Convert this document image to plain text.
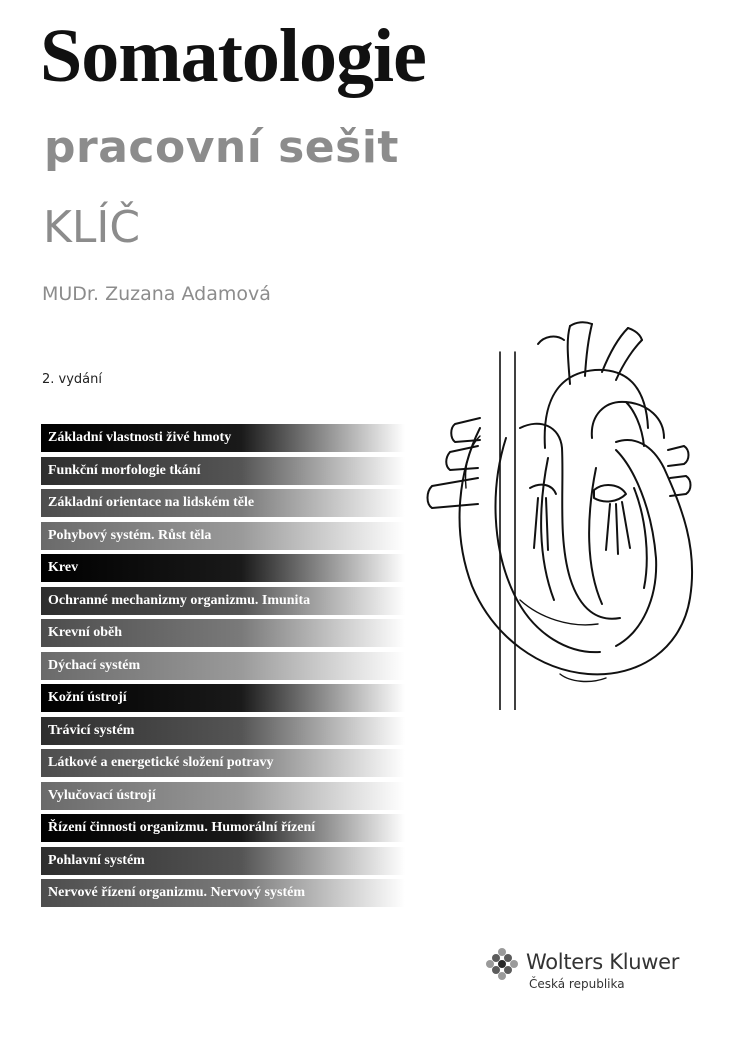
Somatologie
pracovní sešit
KLÍČ
MUDr. Zuzana Adamová
2. vydání
Základní vlastnosti živé hmoty
Funkční morfologie tkání
Základní orientace na lidském těle
Pohybový systém. Růst těla
Krev
Ochranné mechanizmy organizmu. Imunita
Krevní oběh
Dýchací systém
Kožní ústrojí
Trávicí systém
Látkové a energetické složení potravy
Vylučovací ústrojí
Řízení činnosti organizmu. Humorální řízení
Pohlavní systém
Nervové řízení organizmu. Nervový systém
Wolters Kluwer
Česká republika
